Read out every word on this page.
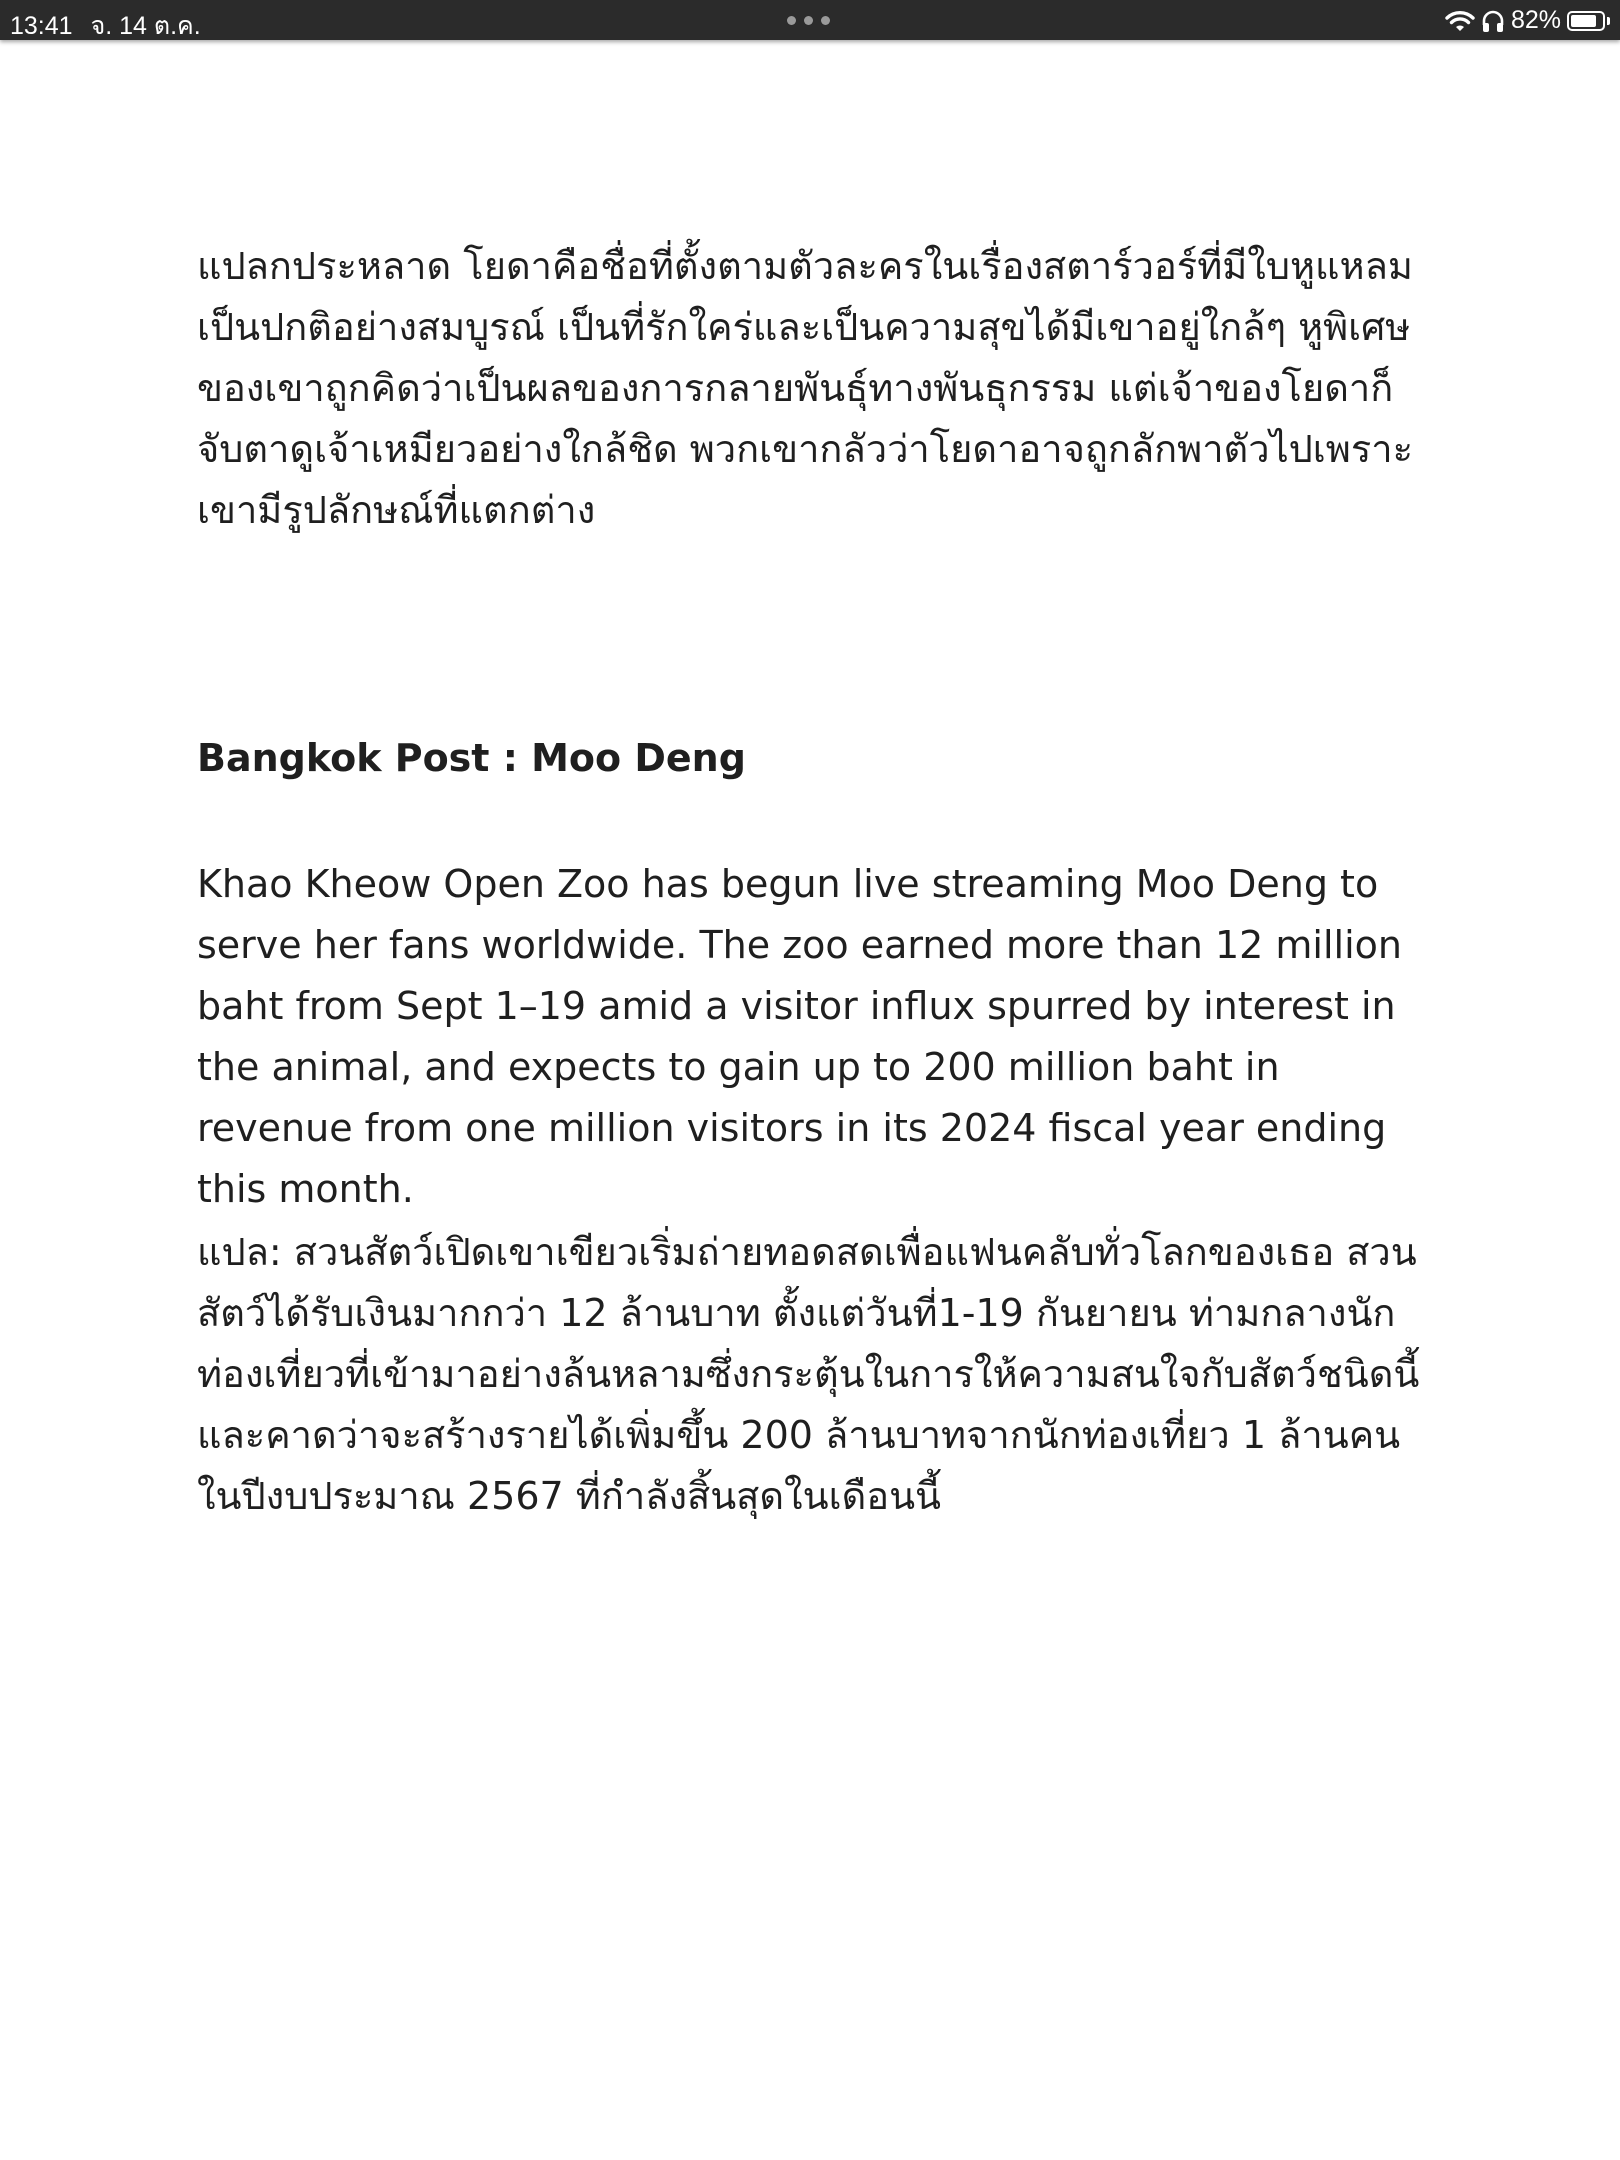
13:41 จ. 14 ต.ค.	82%

แปลกประหลาด โยดาคือชื่อที่ตั้งตามตัวละครในเรื่องสตาร์วอร์ที่มีใบหูแหลม เป็นปกติอย่างสมบูรณ์ เป็นที่รักใคร่และเป็นความสุขได้มีเขาอยู่ใกล้ๆ หูพิเศษของเขาถูกคิดว่าเป็นผลของการกลายพันธุ์ทางพันธุกรรม แต่เจ้าของโยดาก็จับตาดูเจ้าเหมียวอย่างใกล้ชิด พวกเขากลัวว่าโยดาอาจถูกลักพาตัวไปเพราะเขามีรูปลักษณ์ที่แตกต่าง

Bangkok Post : Moo Deng

Khao Kheow Open Zoo has begun live streaming Moo Deng to serve her fans worldwide. The zoo earned more than 12 million baht from Sept 1–19 amid a visitor influx spurred by interest in the animal, and expects to gain up to 200 million baht in revenue from one million visitors in its 2024 fiscal year ending this month.

แปล: สวนสัตว์เปิดเขาเขียวเริ่มถ่ายทอดสดเพื่อแฟนคลับทั่วโลกของเธอ สวนสัตว์ได้รับเงินมากกว่า 12 ล้านบาท ตั้งแต่วันที่1-19 กันยายน ท่ามกลางนักท่องเที่ยวที่เข้ามาอย่างล้นหลามซึ่งกระตุ้นในการให้ความสนใจกับสัตว์ชนิดนี้ และคาดว่าจะสร้างรายได้เพิ่มขึ้น 200 ล้านบาทจากนักท่องเที่ยว 1 ล้านคน ในปีงบประมาณ 2567 ที่กำลังสิ้นสุดในเดือนนี้
